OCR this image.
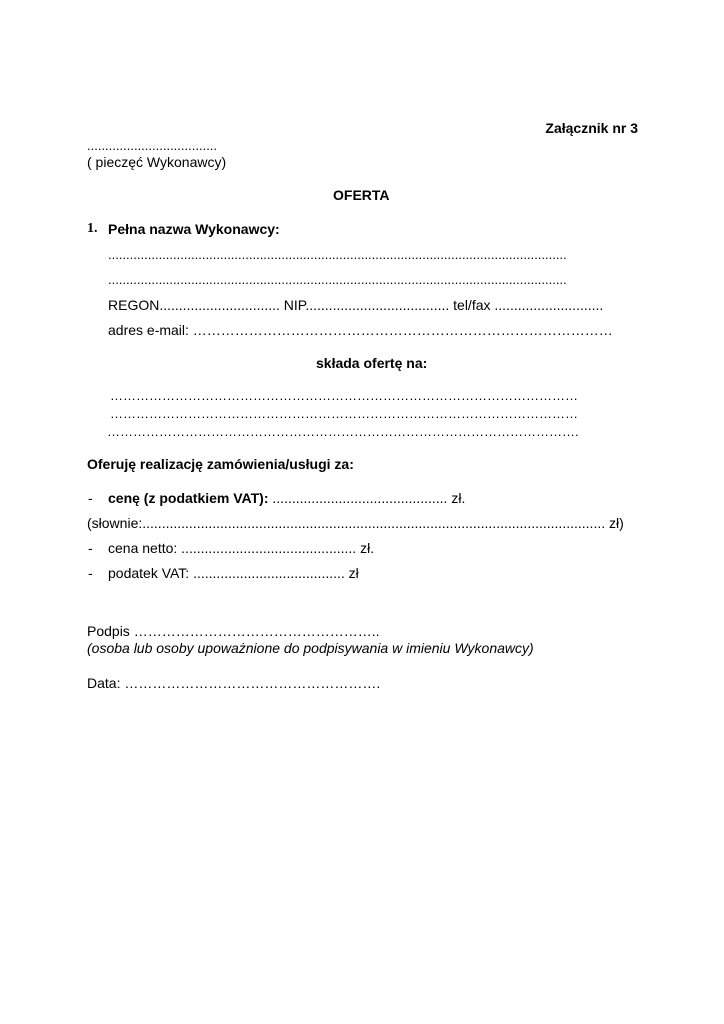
Załącznik nr 3
....................................
( pieczęć Wykonawcy)
OFERTA
1. Pełna nazwa Wykonawcy:
...............................................................................................................................
...............................................................................................................................
REGON............................... NIP..................................... tel/fax ............................
adres e-mail: ………………………………………………………………………………
składa ofertę na:
………………………………………………………………………………………………
………………………………………………………………………………………………
……………………………………………………………………………………………….
Oferuję realizację zamówienia/usługi za:
- cenę (z podatkiem VAT): ............................................. zł.
(słownie:....................................................................................................................... zł)
- cena netto: ............................................. zł.
- podatek VAT: ....................................... zł
Podpis ……………………………………………..
(osoba lub osoby upoważnione do podpisywania w imieniu Wykonawcy)
Data: ……………………………………………….
